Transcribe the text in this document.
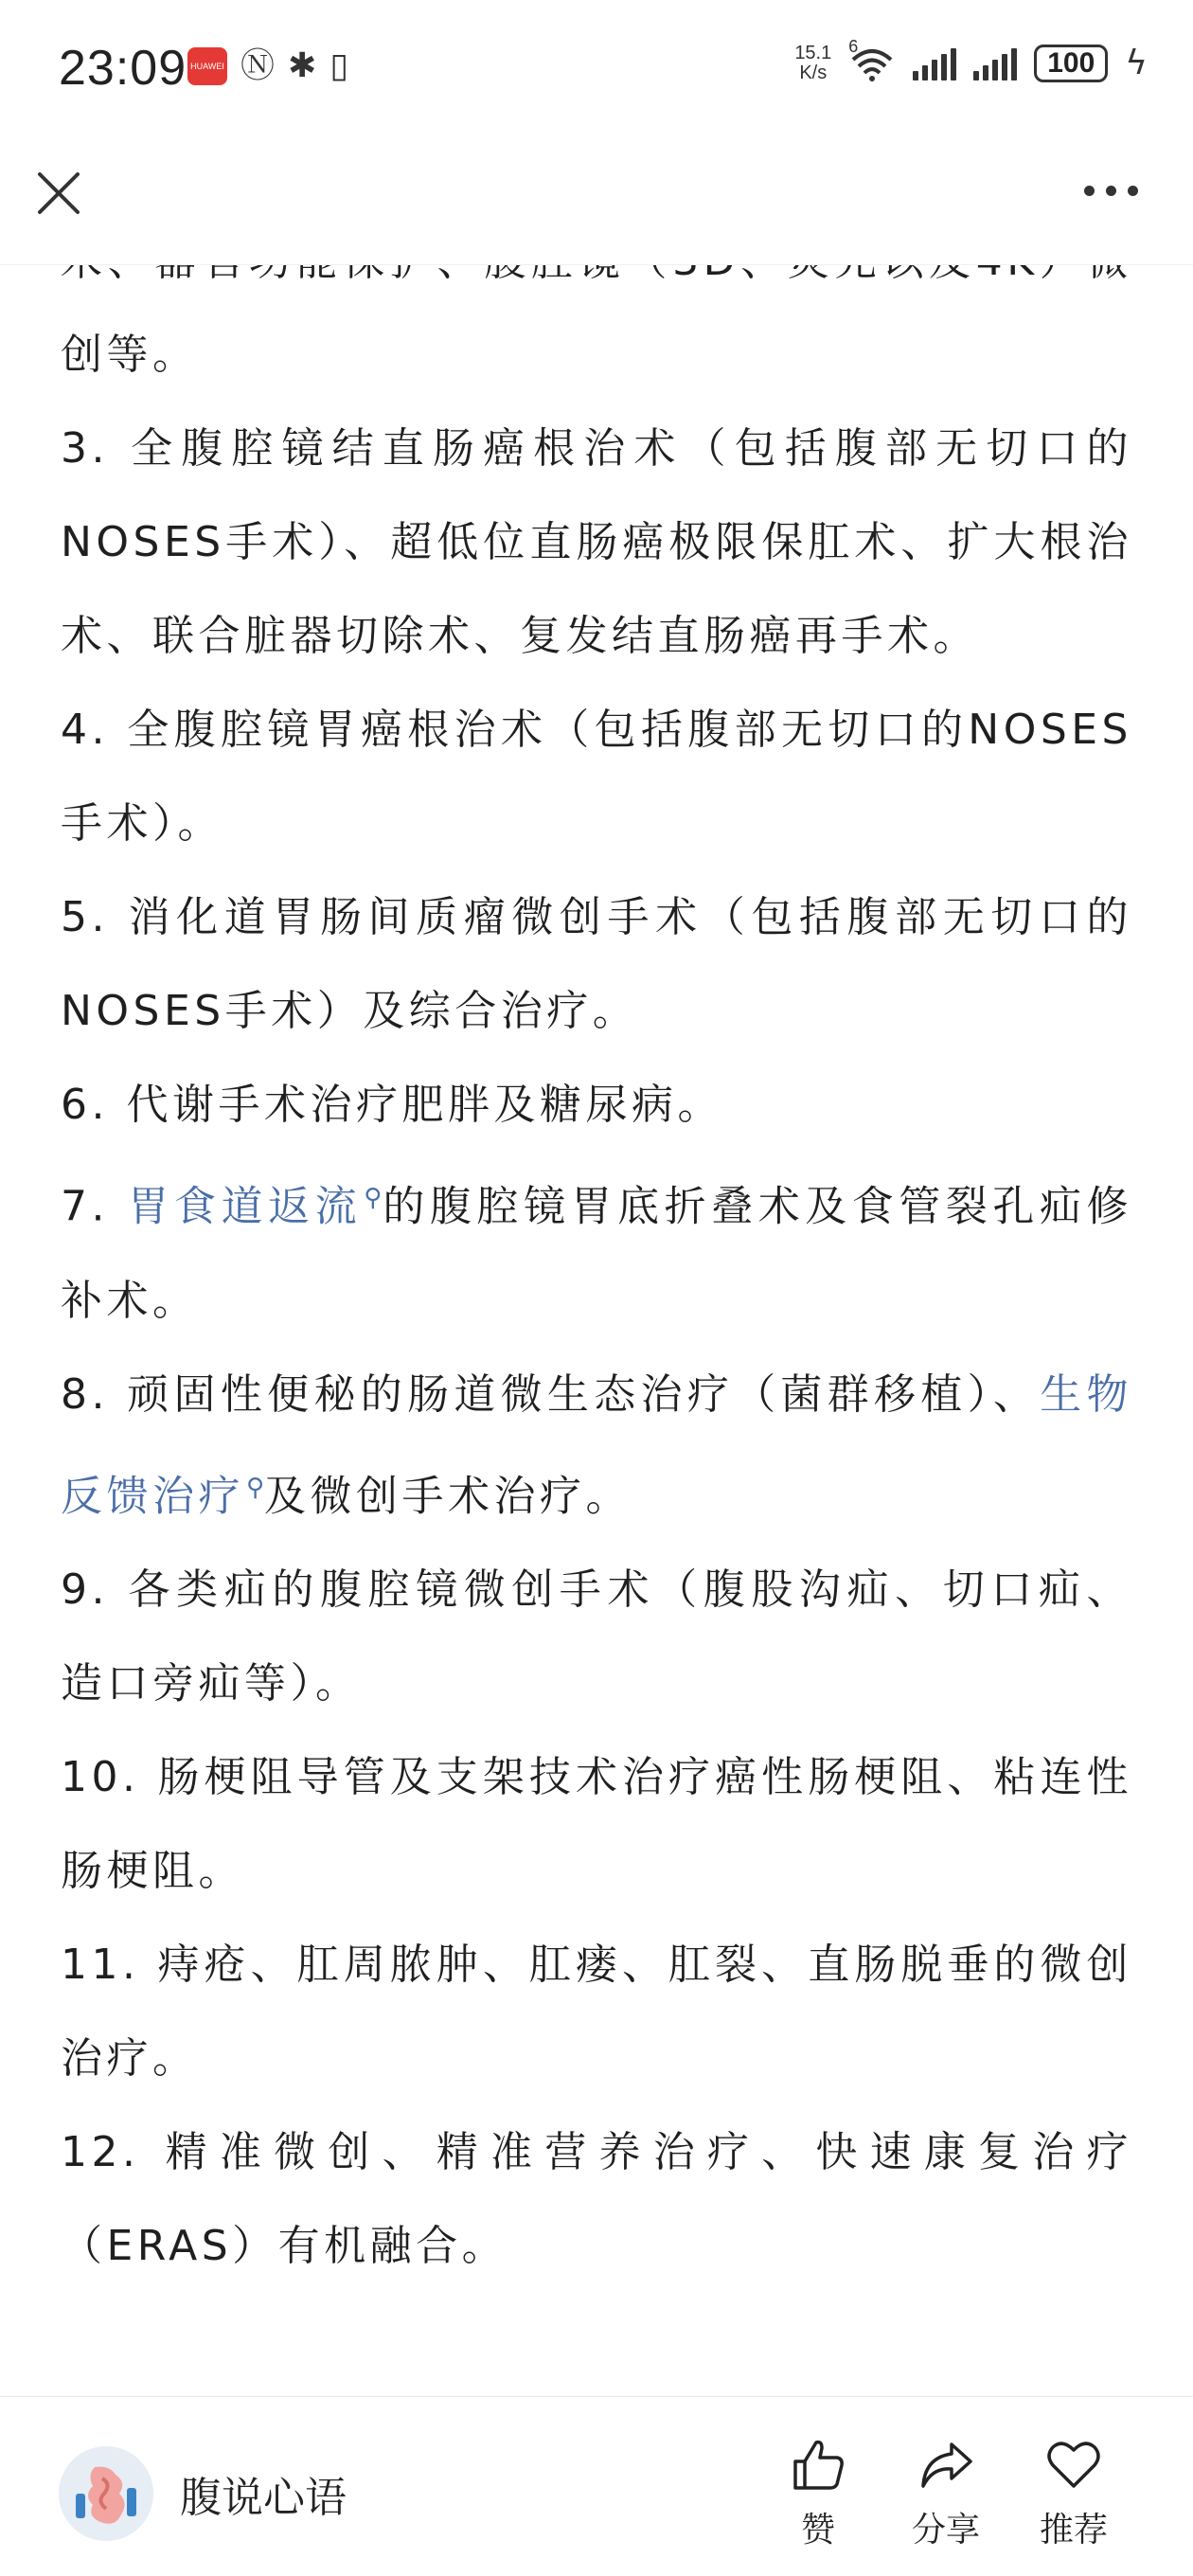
23:09 HUAWEI Ⓝ ✱ ▯	15.1
K/s
6
100 ϟ

创等。

3. 全腹腔镜结直肠癌根治术（包括腹部无切口的NOSES手术）、超低位直肠癌极限保肛术、扩大根治术、联合脏器切除术、复发结直肠癌再手术。

4. 全腹腔镜胃癌根治术（包括腹部无切口的NOSES手术）。

5. 消化道胃肠间质瘤微创手术（包括腹部无切口的NOSES手术）及综合治疗。

6. 代谢手术治疗肥胖及糖尿病。

7. 胃食道返流⚲的腹腔镜胃底折叠术及食管裂孔疝修补术。

8. 顽固性便秘的肠道微生态治疗（菌群移植）、生物反馈治疗⚲及微创手术治疗。

9. 各类疝的腹腔镜微创手术（腹股沟疝、切口疝、造口旁疝等）。

10. 肠梗阻导管及支架技术治疗癌性肠梗阻、粘连性肠梗阻。

11. 痔疮、肛周脓肿、肛瘘、肛裂、直肠脱垂的微创治疗。

12. 精准微创、精准营养治疗、快速康复治疗（ERAS）有机融合。

腹说心语
赞	分享	推荐
